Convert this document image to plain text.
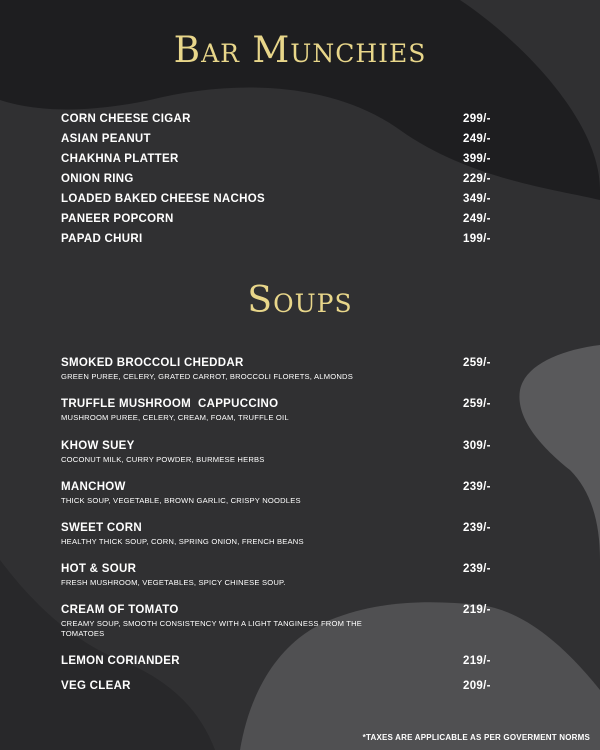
Bar Munchies
CORN CHEESE CIGAR	299/-
ASIAN PEANUT	249/-
CHAKHNA PLATTER	399/-
ONION RING	229/-
LOADED BAKED CHEESE NACHOS	349/-
PANEER POPCORN	249/-
PAPAD CHURI	199/-
Soups
SMOKED BROCCOLI CHEDDAR	259/-
GREEN PUREE, CELERY, GRATED CARROT, BROCCOLI FLORETS, ALMONDS
TRUFFLE MUSHROOM  CAPPUCCINO	259/-
MUSHROOM PUREE, CELERY, CREAM, FOAM, TRUFFLE OIL
KHOW SUEY	309/-
COCONUT MILK, CURRY POWDER, BURMESE HERBS
MANCHOW	239/-
THICK SOUP, VEGETABLE, BROWN GARLIC, CRISPY NOODLES
SWEET CORN	239/-
HEALTHY THICK SOUP, CORN, SPRING ONION, FRENCH BEANS
HOT & SOUR	239/-
FRESH MUSHROOM, VEGETABLES, SPICY CHINESE SOUP.
CREAM OF TOMATO	219/-
CREAMY SOUP, SMOOTH CONSISTENCY WITH A LIGHT TANGINESS FROM THE TOMATOES
LEMON CORIANDER	219/-
VEG CLEAR	209/-
*TAXES ARE APPLICABLE AS PER GOVERMENT NORMS
